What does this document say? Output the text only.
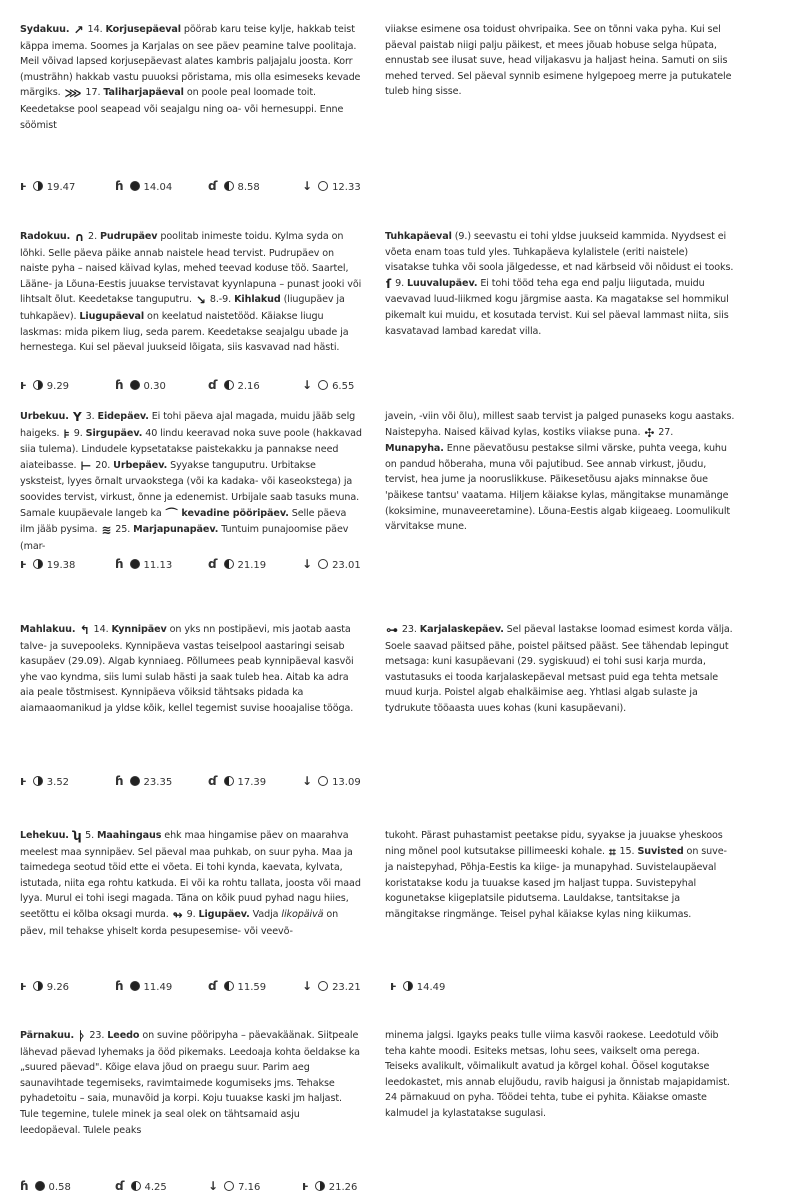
Sydakuu. ↗ 14. Korjusepäeval pöörab karu teise kylje, hakkab teist käppa imema. Soomes ja Karjalas on see päev peamine talve poolitaja. Meil võivad lapsed korjusepäevast alates kambris paljajalu joosta. Korr (musträhn) hakkab vastu puuoksi põristama, mis olla esimeseks kevade märgiks. ⋙ 17. Taliharjapäeval on poole peal loomade toit. Keedetakse pool seapead või seajalgu ning oa- või hernesuppi. Enne söömist

viiakse esimene osa toidust ohvripaika. See on tõnni vaka pyha. Kui sel päeval paistab niigi palju päikest, et mees jõuab hobuse selga hüpata, ennustab see ilusat suve, head viljakasvu ja haljast heina. Samuti on siis mehed terved. Sel päeval synnib esimene hylgepoeg merre ja putukatele tuleb hing sisse.

ⱶ 19.47	ɦ 14.04	ɗ 8.58	↓ 12.33

Radokuu. ∩ 2. Pudrupäev poolitab inimeste toidu. Kylma syda on lõhki. Selle päeva päike annab naistele head tervist. Pudrupäev on naiste pyha – naised käivad kylas, mehed teevad koduse töö. Saartel, Lääne- ja Lõuna-Eestis juuakse tervistavat kyynlapuna – punast jooki või lihtsalt õlut. Keedetakse tanguputru. ↘ 8.-9. Kihlakud (liugupäev ja tuhkapäev). Liugupäeval on keelatud naistetööd. Käiakse liugu laskmas: mida pikem liug, seda parem. Keedetakse seajalgu ubade ja hernestega. Kui sel päeval juukseid lõigata, siis kasvavad nad hästi.

Tuhkapäeval (9.) seevastu ei tohi yldse juukseid kammida. Nyydsest ei võeta enam toas tuld yles. Tuhkapäeva kylalistele (eriti naistele) visatakse tuhka või soola jälgedesse, et nad kärbseid või nõidust ei tooks. ſ 9. Luuvalupäev. Ei tohi tööd teha ega end palju liigutada, muidu vaevavad luud-liikmed kogu järgmise aasta. Ka magatakse sel hommikul pikemalt kui muidu, et kosutada tervist. Kui sel päeval lammast niita, siis kasvatavad lambad karedat villa.

ⱶ 9.29	ɦ 0.30	ɗ 2.16	↓ 6.55

Urbekuu. Y 3. Eidepäev. Ei tohi päeva ajal magada, muidu jääb selg haigeks. ⊧ 9. Sirgupäev. 40 lindu keeravad noka suve poole (hakkavad siia tulema). Lindudele kypsetatakse paistekakku ja pannakse need aiateibasse. ⊢ 20. Urbepäev. Syyakse tanguputru. Urbitakse ysksteist, lyyes õrnalt urvaokstega (või ka kadaka- või kaseokstega) ja soovides tervist, virkust, õnne ja edenemist. Urbijale saab tasuks muna. Samale kuupäevale langeb ka ⌒ kevadine pööripäev. Selle päeva ilm jääb pysima. ≋ 25. Marjapunapäev. Tuntuim punajoomise päev (mar-

javein, -viin või õlu), millest saab tervist ja palged punaseks kogu aastaks. Naistepyha. Naised käivad kylas, kostiks viiakse puna. ✣ 27. Munapyha. Enne päevatõusu pestakse silmi värske, puhta veega, kuhu on pandud hõberaha, muna või pajutibud. See annab virkust, jõudu, tervist, hea jume ja nooruslikkuse. Päikesetõusu ajaks minnakse õue 'päikese tantsu' vaatama. Hiljem käiakse kylas, mängitakse munamänge (koksimine, munaveeretamine). Lõuna-Eestis algab kiigeaeg. Loomulikult värvitakse mune.

ⱶ 19.38	ɦ 11.13	ɗ 21.19	↓ 23.01

Mahlakuu. ↰ 14. Kynnipäev on yks nn postipäevi, mis jaotab aasta talve- ja suvepooleks. Kynnipäeva vastas teiselpool aastaringi seisab kasupäev (29.09). Algab kynniaeg. Põllumees peab kynnipäeval kasvõi yhe vao kyndma, siis lumi sulab hästi ja saak tuleb hea. Aitab ka adra aia peale tõstmisest. Kynnipäeva võiksid tähtsaks pidada ka aiamaaomanikud ja yldse kõik, kellel tegemist suvise hooajalise tööga.

⊶ 23. Karjalaskepäev. Sel päeval lastakse loomad esimest korda välja. Soele saavad päitsed pähe, poistel päitsed pääst. See tähendab lepingut metsaga: kuni kasupäevani (29. sygiskuud) ei tohi susi karja murda, vastutasuks ei tooda karjalaskepäeval metsast puid ega tehta metsale muud kurja. Poistel algab ehalkäimise aeg. Yhtlasi algab sulaste ja tydrukute tööaasta uues kohas (kuni kasupäevani).

ⱶ 3.52	ɦ 23.35	ɗ 17.39	↓ 13.09

Lehekuu. ʮ 5. Maahingaus ehk maa hingamise päev on maarahva meelest maa synnipäev. Sel päeval maa puhkab, on suur pyha. Maa ja taimedega seotud töid ette ei võeta. Ei tohi kynda, kaevata, kylvata, istutada, niita ega rohtu katkuda. Ei või ka rohtu tallata, joosta või maad lyya. Murul ei tohi isegi magada. Täna on kõik puud pyhad nagu hiies, seetõttu ei kõlba oksagi murda. ↬ 9. Ligupäev. Vadja likopäivä on päev, mil tehakse yhiselt korda pesupesemise- või veevõ-

tukoht. Pärast puhastamist peetakse pidu, syyakse ja juuakse yheskoos ning mõnel pool kutsutakse pillimeeski kohale. ⌗ 15. Suvisted on suve- ja naistepyhad, Põhja-Eestis ka kiige- ja munapyhad. Suvistelaupäeval koristatakse kodu ja tuuakse kased jm haljast tuppa. Suvistepyhal kogunetakse kiigeplatsile pidutsema. Lauldakse, tantsitakse ja mängitakse ringmänge. Teisel pyhal käiakse kylas ning kiikumas.

ⱶ 9.26	ɦ 11.49	ɗ 11.59	↓ 23.21 ⱶ 14.49

Pärnakuu. ᚦ 23. Leedo on suvine pööripyha – päevakäänak. Siitpeale lähevad päevad lyhemaks ja ööd pikemaks. Leedoaja kohta öeldakse ka „suured päevad". Kõige elava jõud on praegu suur. Parim aeg saunavihtade tegemiseks, ravimtaimede kogumiseks jms. Tehakse pyhadetoitu – saia, munavõid ja korpi. Koju tuuakse kaski jm haljast. Tule tegemine, tulele minek ja seal olek on tähtsamaid asju leedopäeval. Tulele peaks

minema jalgsi. Igayks peaks tulle viima kasvõi raokese. Leedotuld võib teha kahte moodi. Esiteks metsas, lohu sees, vaikselt oma perega. Teiseks avalikult, võimalikult avatud ja kõrgel kohal. Öösel kogutakse leedokastet, mis annab elujõudu, ravib haigusi ja õnnistab majapidamist. 24 pärnakuud on pyha. Töödei tehta, tube ei pyhita. Käiakse omaste kalmudel ja kylastatakse sugulasi.

ɦ 0.58	ɗ 4.25	↓ 7.16	ⱶ 21.26
